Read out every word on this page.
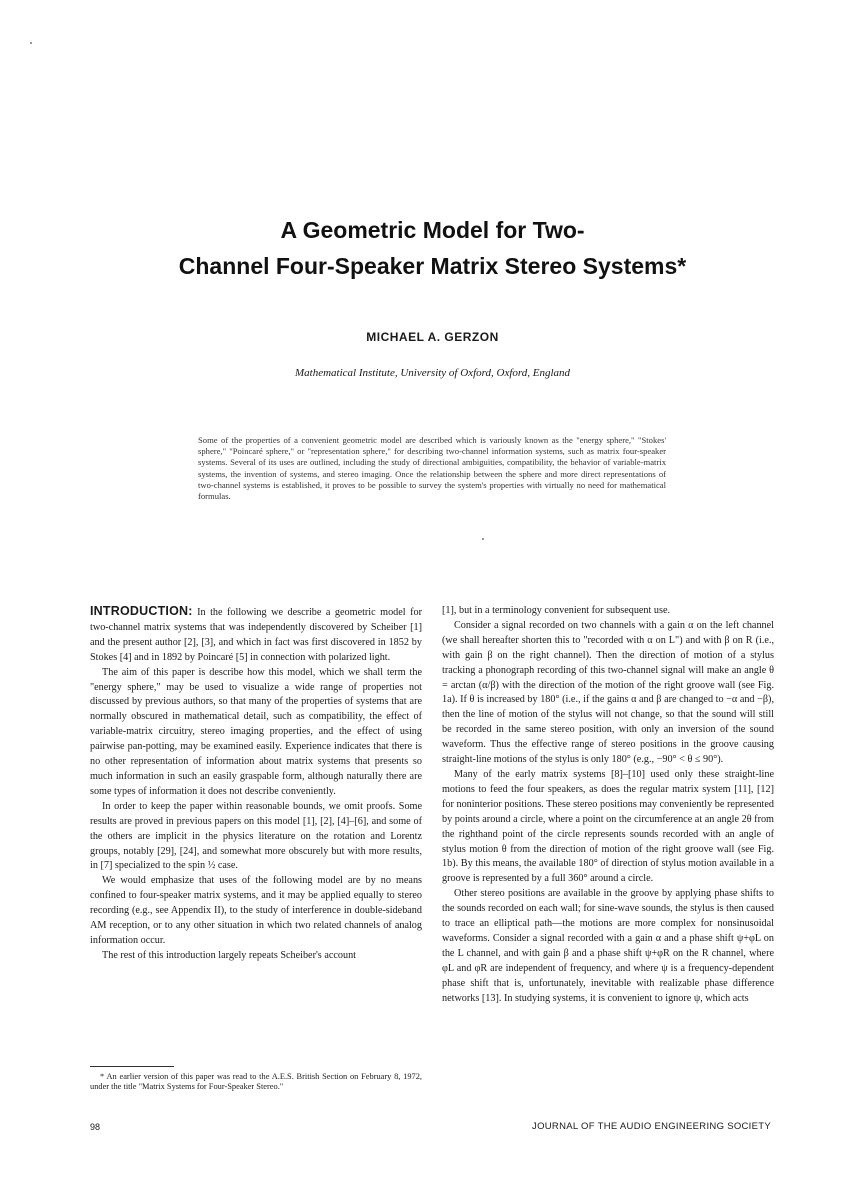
A Geometric Model for Two-
Channel Four-Speaker Matrix Stereo Systems*
MICHAEL A. GERZON
Mathematical Institute, University of Oxford, Oxford, England
Some of the properties of a convenient geometric model are described which is variously known as the "energy sphere," "Stokes' sphere," "Poincaré sphere," or "representation sphere," for describing two-channel information systems, such as matrix four-speaker systems. Several of its uses are outlined, including the study of directional ambiguities, compatibility, the behavior of variable-matrix systems, the invention of systems, and stereo imaging. Once the relationship between the sphere and more direct representations of two-channel systems is established, it proves to be possible to survey the system's properties with virtually no need for mathematical formulas.

INTRODUCTION: In the following we describe a geometric model for two-channel matrix systems that was independently discovered by Scheiber [1] and the present author [2], [3], and which in fact was first discovered in 1852 by Stokes [4] and in 1892 by Poincaré [5] in connection with polarized light.

The aim of this paper is describe how this model, which we shall term the "energy sphere," may be used to visualize a wide range of properties not discussed by previous authors, so that many of the properties of systems that are normally obscured in mathematical detail, such as compatibility, the effect of variable-matrix circuitry, stereo imaging properties, and the effect of using pairwise pan-potting, may be examined easily. Experience indicates that there is no other representation of information about matrix systems that presents so much information in such an easily graspable form, although naturally there are some types of information it does not describe conveniently.

In order to keep the paper within reasonable bounds, we omit proofs. Some results are proved in previous papers on this model [1], [2], [4]–[6], and some of the others are implicit in the physics literature on the rotation and Lorentz groups, notably [29], [24], and somewhat more obscurely but with more results, in [7] specialized to the spin ½ case.

We would emphasize that uses of the following model are by no means confined to four-speaker matrix systems, and it may be applied equally to stereo recording (e.g., see Appendix II), to the study of interference in double-sideband AM reception, or to any other situation in which two related channels of analog information occur.

The rest of this introduction largely repeats Scheiber's account

[1], but in a terminology convenient for subsequent use.

Consider a signal recorded on two channels with a gain α on the left channel (we shall hereafter shorten this to "recorded with α on L") and with β on R (i.e., with gain β on the right channel). Then the direction of motion of a stylus tracking a phonograph recording of this two-channel signal will make an angle θ = arctan (α/β) with the direction of the motion of the right groove wall (see Fig. 1a). If θ is increased by 180° (i.e., if the gains α and β are changed to −α and −β), then the line of motion of the stylus will not change, so that the sound will still be recorded in the same stereo position, with only an inversion of the sound waveform. Thus the effective range of stereo positions in the groove causing straight-line motions of the stylus is only 180° (e.g., −90° < θ ≤ 90°).

Many of the early matrix systems [8]–[10] used only these straight-line motions to feed the four speakers, as does the regular matrix system [11], [12] for noninterior positions. These stereo positions may conveniently be represented by points around a circle, where a point on the circumference at an angle 2θ from the righthand point of the circle represents sounds recorded with an angle of stylus motion θ from the direction of motion of the right groove wall (see Fig. 1b). By this means, the available 180° of direction of stylus motion available in a groove is represented by a full 360° around a circle.

Other stereo positions are available in the groove by applying phase shifts to the sounds recorded on each wall; for sine-wave sounds, the stylus is then caused to trace an elliptical path—the motions are more complex for nonsinusoidal waveforms. Consider a signal recorded with a gain α and a phase shift ψ+φL on the L channel, and with gain β and a phase shift ψ+φR on the R channel, where φL and φR are independent of frequency, and where ψ is a frequency-dependent phase shift that is, unfortunately, inevitable with realizable phase difference networks [13]. In studying systems, it is convenient to ignore ψ, which acts

* An earlier version of this paper was read to the A.E.S. British Section on February 8, 1972, under the title "Matrix Systems for Four-Speaker Stereo."
98	JOURNAL OF THE AUDIO ENGINEERING SOCIETY
